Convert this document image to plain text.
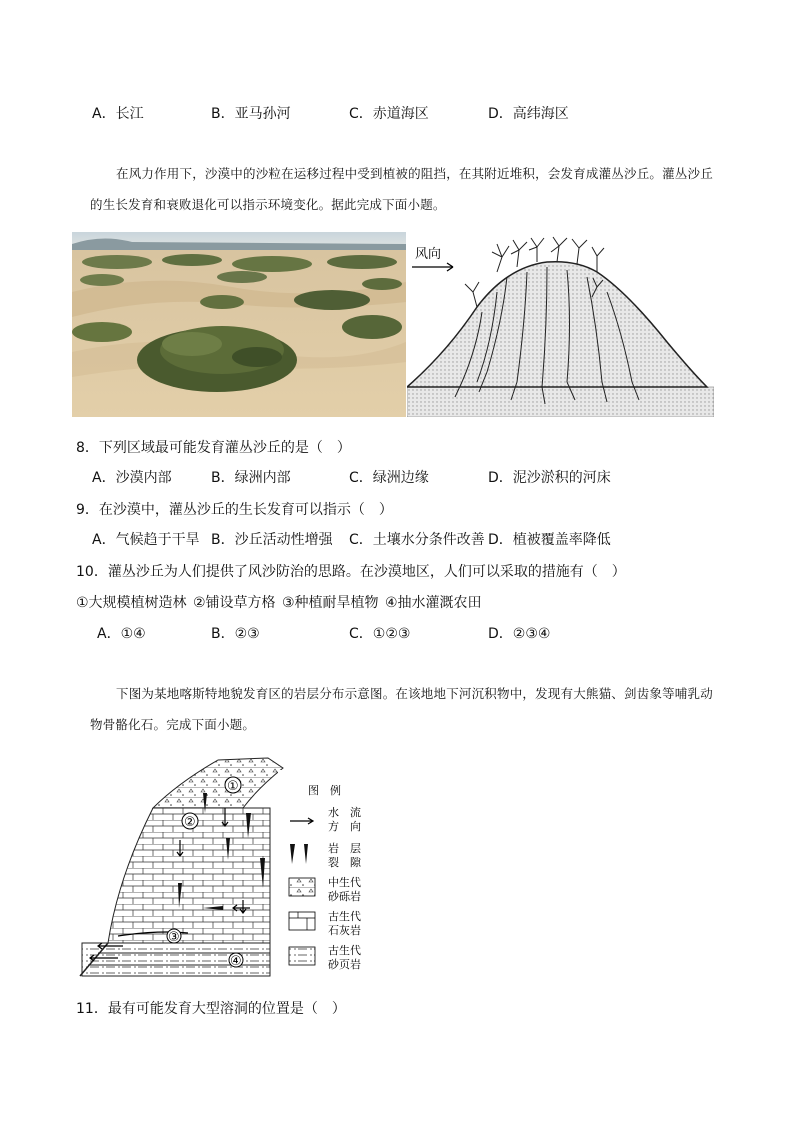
A．长江	B．亚马孙河	C．赤道海区	D．高纬海区
在风力作用下，沙漠中的沙粒在运移过程中受到植被的阻挡，在其附近堆积，会发育成灌丛沙丘。灌丛沙丘的生长发育和衰败退化可以指示环境变化。据此完成下面小题。
风向
8．下列区域最可能发育灌丛沙丘的是（　）
A．沙漠内部	B．绿洲内部	C．绿洲边缘	D．泥沙淤积的河床
9．在沙漠中，灌丛沙丘的生长发育可以指示（　）
A．气候趋于干旱 B．沙丘活动性增强 C．土壤水分条件改善 D．植被覆盖率降低
10．灌丛沙丘为人们提供了风沙防治的思路。在沙漠地区，人们可以采取的措施有（　）
①大规模植树造林 ②铺设草方格 ③种植耐旱植物 ④抽水灌溉农田
A．①④	B．②③	C．①②③	D．②③④
下图为某地喀斯特地貌发育区的岩层分布示意图。在该地地下河沉积物中，发现有大熊猫、剑齿象等哺乳动物骨骼化石。完成下面小题。
①
②
③
④
图　例
水　流
方　向
岩　层
裂　隙
中生代
砂砾岩
古生代
石灰岩
古生代
砂页岩
11．最有可能发育大型溶洞的位置是（　）
